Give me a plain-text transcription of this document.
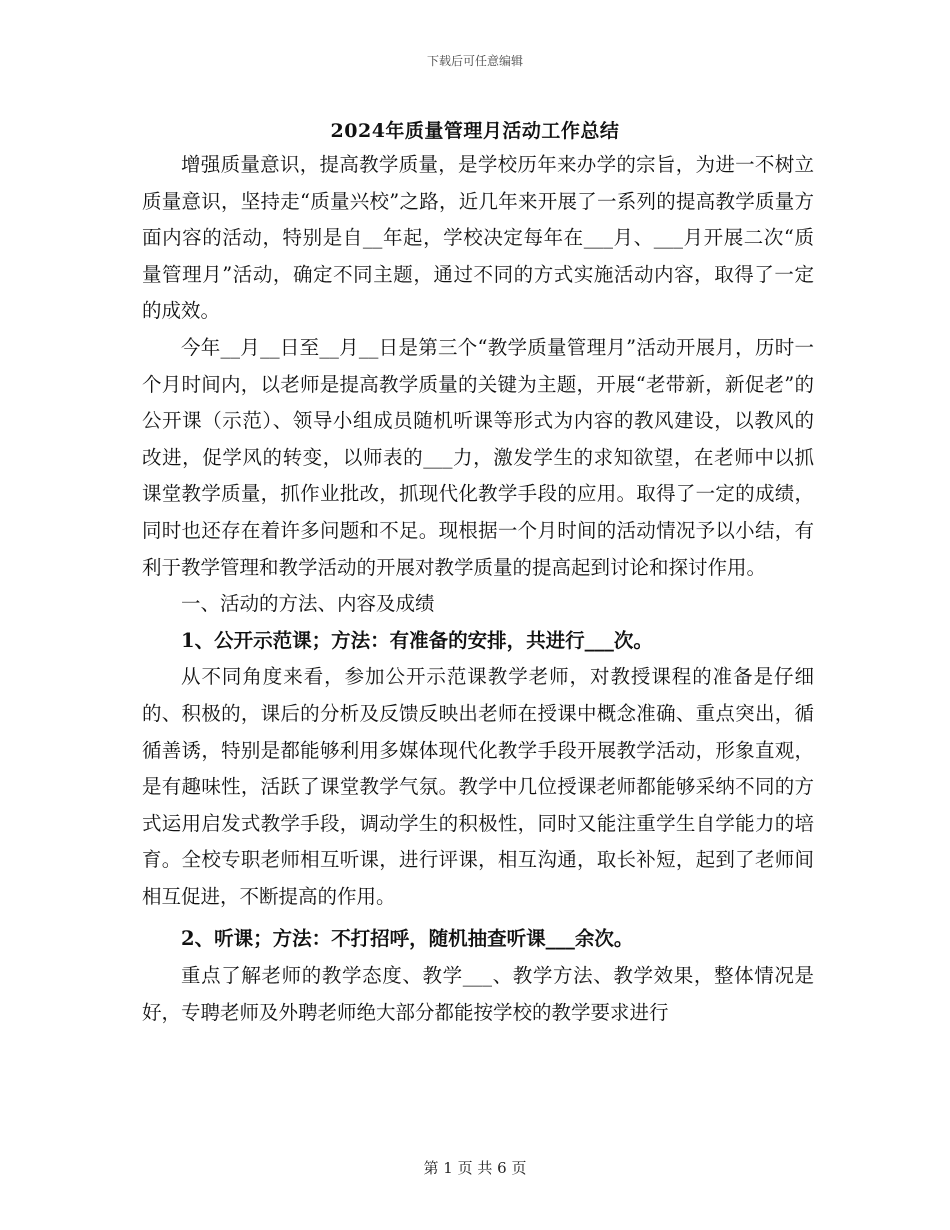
下载后可任意编辑
2024年质量管理月活动工作总结

增强质量意识，提高教学质量，是学校历年来办学的宗旨，为进一不树立质量意识，坚持走“质量兴校”之路，近几年来开展了一系列的提高教学质量方面内容的活动，特别是自__年起，学校决定每年在___月、___月开展二次“质量管理月”活动，确定不同主题，通过不同的方式实施活动内容，取得了一定的成效。

今年__月__日至__月__日是第三个“教学质量管理月”活动开展月，历时一个月时间内，以老师是提高教学质量的关键为主题，开展“老带新，新促老”的公开课（示范）、领导小组成员随机听课等形式为内容的教风建设，以教风的改进，促学风的转变，以师表的___力，激发学生的求知欲望，在老师中以抓课堂教学质量，抓作业批改，抓现代化教学手段的应用。取得了一定的成绩，同时也还存在着许多问题和不足。现根据一个月时间的活动情况予以小结，有利于教学管理和教学活动的开展对教学质量的提高起到讨论和探讨作用。

一、活动的方法、内容及成绩

1、公开示范课；方法：有准备的安排，共进行___次。

从不同角度来看，参加公开示范课教学老师，对教授课程的准备是仔细的、积极的，课后的分析及反馈反映出老师在授课中概念准确、重点突出，循循善诱，特别是都能够利用多媒体现代化教学手段开展教学活动，形象直观，是有趣味性，活跃了课堂教学气氛。教学中几位授课老师都能够采纳不同的方式运用启发式教学手段，调动学生的积极性，同时又能注重学生自学能力的培育。全校专职老师相互听课，进行评课，相互沟通，取长补短，起到了老师间相互促进，不断提高的作用。

2、听课；方法：不打招呼，随机抽查听课___余次。

重点了解老师的教学态度、教学___、教学方法、教学效果，整体情况是好，专聘老师及外聘老师绝大部分都能按学校的教学要求进行

第 1 页 共 6 页
